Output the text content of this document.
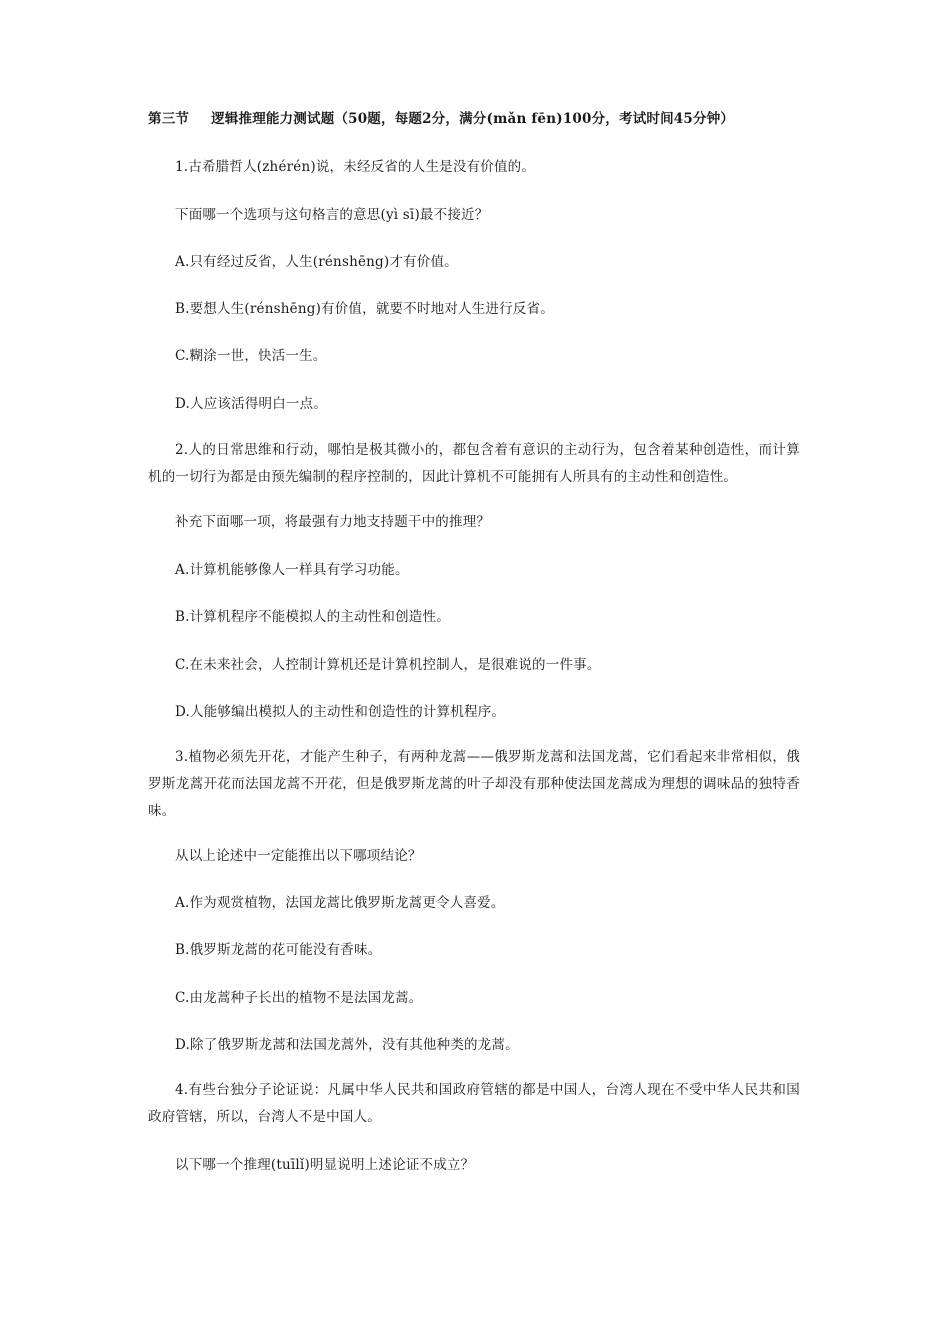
第三节 逻辑推理能力测试题（50题，每题2分，满分(mǎn fēn)100分，考试时间45分钟）
1.古希腊哲人(zhérén)说，未经反省的人生是没有价值的。
下面哪一个选项与这句格言的意思(yì sī)最不接近？
A.只有经过反省，人生(rénshēng)才有价值。
B.要想人生(rénshēng)有价值，就要不时地对人生进行反省。
C.糊涂一世，快活一生。
D.人应该活得明白一点。
2.人的日常思维和行动，哪怕是极其微小的，都包含着有意识的主动行为，包含着某种创造性，而计算机的一切行为都是由预先编制的程序控制的，因此计算机不可能拥有人所具有的主动性和创造性。
补充下面哪一项，将最强有力地支持题干中的推理？
A.计算机能够像人一样具有学习功能。
B.计算机程序不能模拟人的主动性和创造性。
C.在未来社会，人控制计算机还是计算机控制人，是很难说的一件事。
D.人能够编出模拟人的主动性和创造性的计算机程序。
3.植物必须先开花，才能产生种子，有两种龙蒿——俄罗斯龙蒿和法国龙蒿，它们看起来非常相似，俄罗斯龙蒿开花而法国龙蒿不开花，但是俄罗斯龙蒿的叶子却没有那种使法国龙蒿成为理想的调味品的独特香味。
从以上论述中一定能推出以下哪项结论？
A.作为观赏植物，法国龙蒿比俄罗斯龙蒿更令人喜爱。
B.俄罗斯龙蒿的花可能没有香味。
C.由龙蒿种子长出的植物不是法国龙蒿。
D.除了俄罗斯龙蒿和法国龙蒿外，没有其他种类的龙蒿。
4.有些台独分子论证说：凡属中华人民共和国政府管辖的都是中国人，台湾人现在不受中华人民共和国政府管辖，所以，台湾人不是中国人。
以下哪一个推理(tuīlǐ)明显说明上述论证不成立？
